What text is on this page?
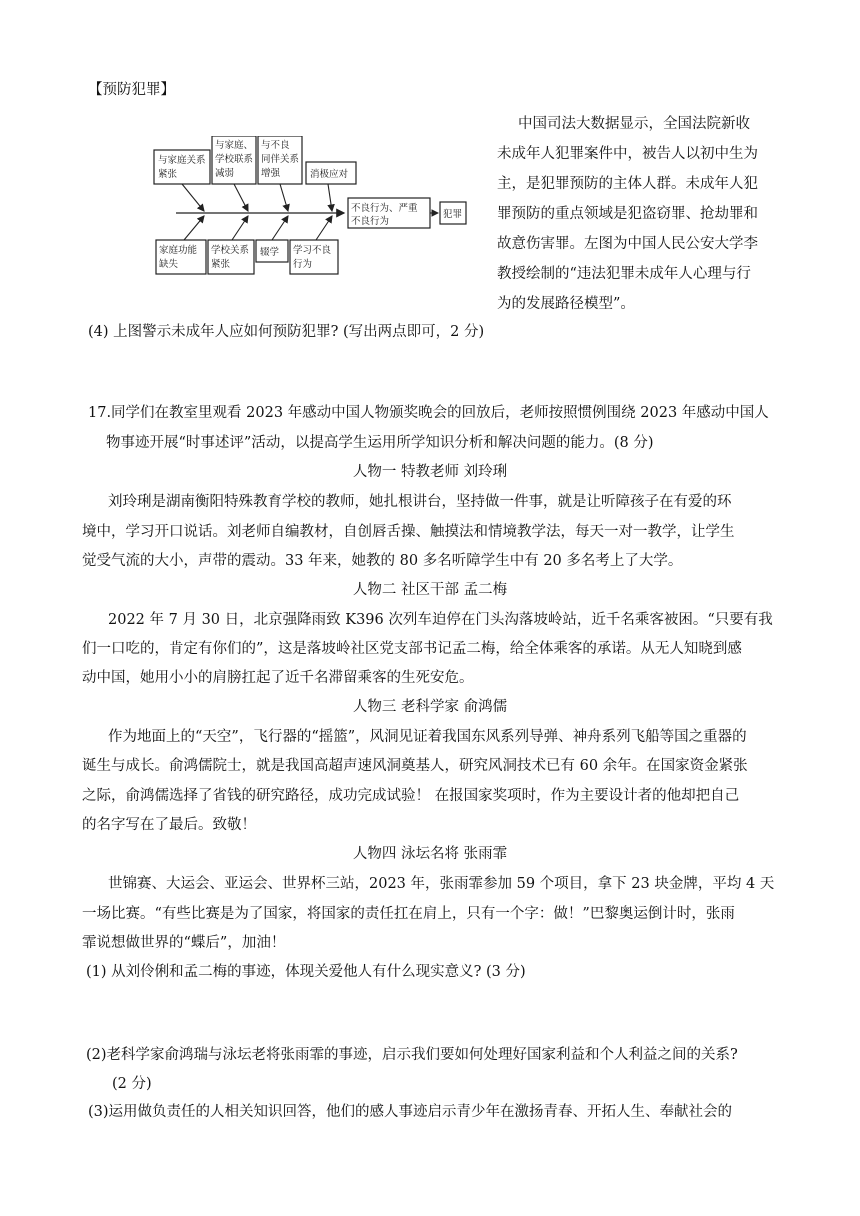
【预防犯罪】
与家庭关系
紧张
与家庭、
学校联系
减弱
与不良
同伴关系
增强	消极应对
家庭功能
缺失
学校关系
紧张
辍学 学习不良
行为
不良行为、严重
不良行为
犯罪
中国司法大数据显示，全国法院新收
未成年人犯罪案件中，被告人以初中生为
主，是犯罪预防的主体人群。未成年人犯
罪预防的重点领域是犯盗窃罪、抢劫罪和
故意伤害罪。左图为中国人民公安大学李
教授绘制的“违法犯罪未成年人心理与行
为的发展路径模型”。
(4) 上图警示未成年人应如何预防犯罪? (写出两点即可，2 分)
17.同学们在教室里观看 2023 年感动中国人物颁奖晚会的回放后，老师按照惯例围绕 2023 年感动中国人
物事迹开展“时事述评”活动，以提高学生运用所学知识分析和解决问题的能力。(8 分)
人物一 特教老师 刘玲琍
刘玲琍是湖南衡阳特殊教育学校的教师，她扎根讲台，坚持做一件事，就是让听障孩子在有爱的环
境中，学习开口说话。刘老师自编教材，自创唇舌操、触摸法和情境教学法，每天一对一教学，让学生
觉受气流的大小，声带的震动。33 年来，她教的 80 多名听障学生中有 20 多名考上了大学。
人物二 社区干部 孟二梅
2022 年 7 月 30 日，北京强降雨致 K396 次列车迫停在门头沟落坡岭站，近千名乘客被困。“只要有我
们一口吃的，肯定有你们的”，这是落坡岭社区党支部书记孟二梅，给全体乘客的承诺。从无人知晓到感
动中国，她用小小的肩膀扛起了近千名滞留乘客的生死安危。
人物三 老科学家 俞鸿儒
作为地面上的“天空”，飞行器的“摇篮”，风洞见证着我国东风系列导弹、神舟系列飞船等国之重器的
诞生与成长。俞鸿儒院士，就是我国高超声速风洞奠基人，研究风洞技术已有 60 余年。在国家资金紧张
之际，俞鸿儒选择了省钱的研究路径，成功完成试验！ 在报国家奖项时，作为主要设计者的他却把自己
的名字写在了最后。致敬！
人物四 泳坛名将 张雨霏
世锦赛、大运会、亚运会、世界杯三站，2023 年，张雨霏参加 59 个项目，拿下 23 块金牌，平均 4 天
一场比赛。“有些比赛是为了国家，将国家的责任扛在肩上，只有一个字：做！”巴黎奥运倒计时，张雨
霏说想做世界的“蝶后”，加油！
(1) 从刘伶俐和孟二梅的事迹，体现关爱他人有什么现实意义? (3 分)
(2)老科学家俞鸿瑞与泳坛老将张雨霏的事迹，启示我们要如何处理好国家利益和个人利益之间的关系?
(2 分)
(3)运用做负责任的人相关知识回答，他们的感人事迹启示青少年在激扬青春、开拓人生、奉献社会的
